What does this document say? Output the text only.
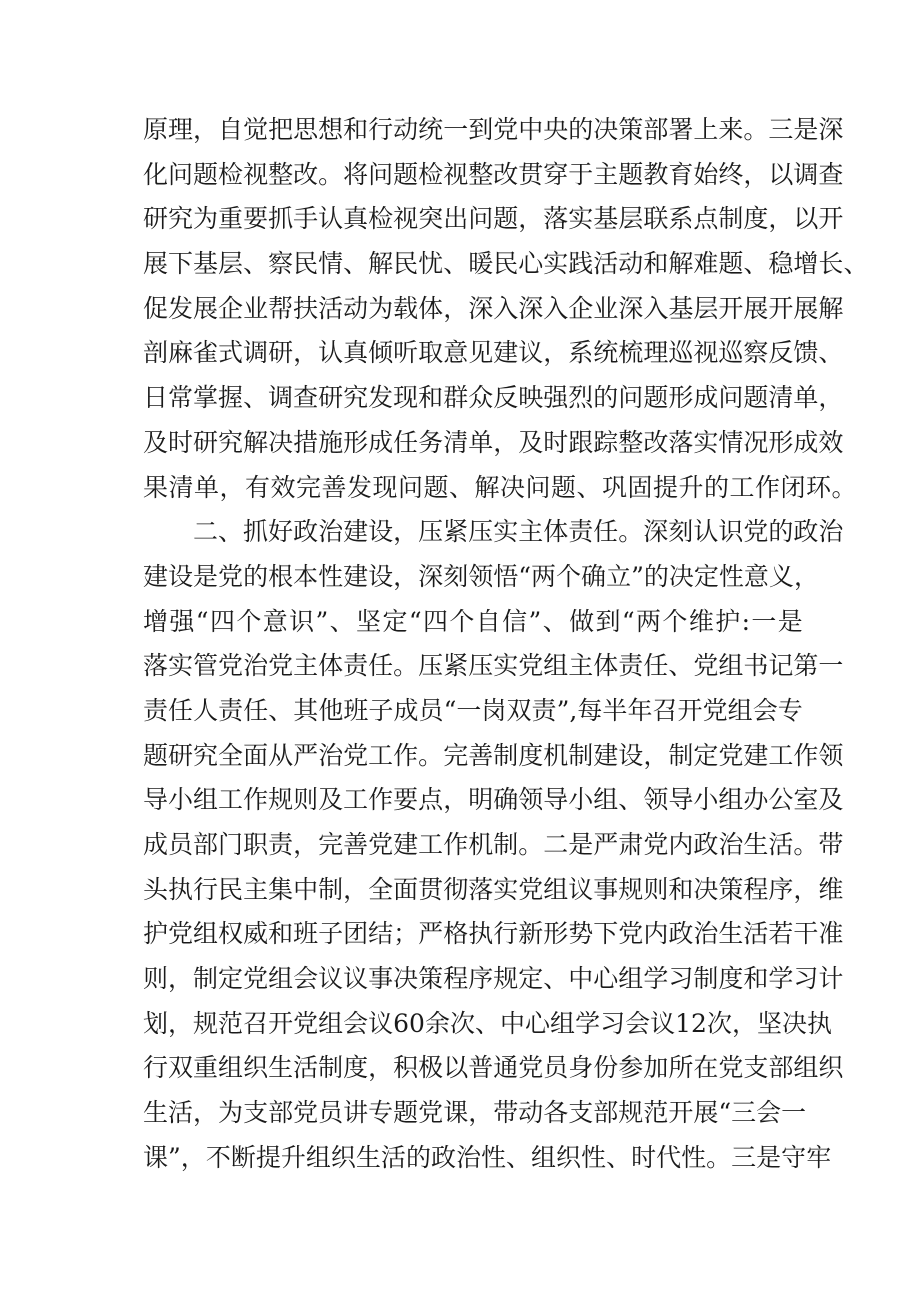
原 理 ， 自 觉 把 思 想 和 行 动 统 一 到 党 中 央 的 决 策 部 署 上 来 。 三 是 深
化 问 题 检 视 整 改 。 将 问 题 检 视 整 改 贯 穿 于 主 题 教 育 始 终 ， 以 调 查
研 究 为 重 要 抓 手 认 真 检 视 突 出 问 题 ， 落 实 基 层 联 系 点 制 度 ， 以 开
展 下 基 层 、 察 民 情 、 解 民 忧 、 暖 民 心 实 践 活 动 和 解 难 题 、 稳 增 长 、
促 发 展 企 业 帮 扶 活 动 为 载 体 ， 深 入 深 入 企 业 深 入 基 层 开 展 开 展 解
剖 麻 雀 式 调 研 ， 认 真 倾 听 取 意 见 建 议 ， 系 统 梳 理 巡 视 巡 察 反 馈 、
日 常 掌 握 、 调 查 研 究 发 现 和 群 众 反 映 强 烈 的 问 题 形 成 问 题 清 单 ，
及 时 研 究 解 决 措 施 形 成 任 务 清 单 ， 及 时 跟 踪 整 改 落 实 情 况 形 成 效
果清单，有效完善发现问题、解决问题、巩固提升的工作闭环。
二 、 抓 好 政 治 建 设 ， 压 紧 压 实 主 体 责 任 。 深 刻 认 识 党 的 政 治
建 设 是 党 的 根 本 性 建 设 ， 深 刻 领 悟 “ 两 个 确 立 ” 的 决 定 性 意 义 ，
增 强 “ 四 个 意 识 ” 、 坚 定 “ 四 个 自 信 ” 、 做 到 “ 两 个 维 护 : 一 是
落 实 管 党 治 党 主 体 责 任 。 压 紧 压 实 党 组 主 体 责 任 、 党 组 书 记 第 一
责 任 人 责 任 、 其 他 班 子 成 员 “ 一 岗 双 责 ” , 每 半 年 召 开 党 组 会 专
题 研 究 全 面 从 严 治 党 工 作 。 完 善 制 度 机 制 建 设 ， 制 定 党 建 工 作 领
导 小 组 工 作 规 则 及 工 作 要 点 ， 明 确 领 导 小 组 、 领 导 小 组 办 公 室 及
成 员 部 门 职 责 ， 完 善 党 建 工 作 机 制 。 二 是 严 肃 党 内 政 治 生 活 。 带
头 执 行 民 主 集 中 制 ， 全 面 贯 彻 落 实 党 组 议 事 规 则 和 决 策 程 序 ， 维
护 党 组 权 威 和 班 子 团 结 ； 严 格 执 行 新 形 势 下 党 内 政 治 生 活 若 干 准
则 ， 制 定 党 组 会 议 议 事 决 策 程 序 规 定 、 中 心 组 学 习 制 度 和 学 习 计
划 ， 规 范 召 开 党 组 会 议 60 余 次 、 中 心 组 学 习 会 议 12 次 ， 坚 决 执
行 双 重 组 织 生 活 制 度 ， 积 极 以 普 通 党 员 身 份 参 加 所 在 党 支 部 组 织
生 活 ， 为 支 部 党 员 讲 专 题 党 课 ， 带 动 各 支 部 规 范 开 展 “ 三 会 一
课 ” ， 不 断 提 升 组 织 生 活 的 政 治 性 、 组 织 性 、 时 代 性 。 三 是 守 牢
